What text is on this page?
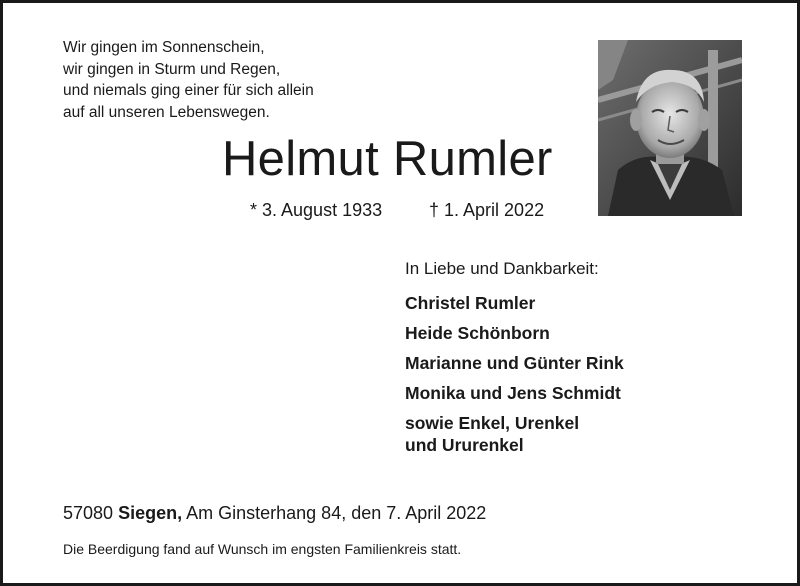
Wir gingen im Sonnenschein,
wir gingen in Sturm und Regen,
und niemals ging einer für sich allein
auf all unseren Lebenswegen.
Helmut Rumler
* 3. August 1933	† 1. April 2022
In Liebe und Dankbarkeit:
Christel Rumler
Heide Schönborn
Marianne und Günter Rink
Monika und Jens Schmidt
sowie Enkel, Urenkel
und Ururenkel
57080 Siegen, Am Ginsterhang 84, den 7. April 2022
Die Beerdigung fand auf Wunsch im engsten Familienkreis statt.
